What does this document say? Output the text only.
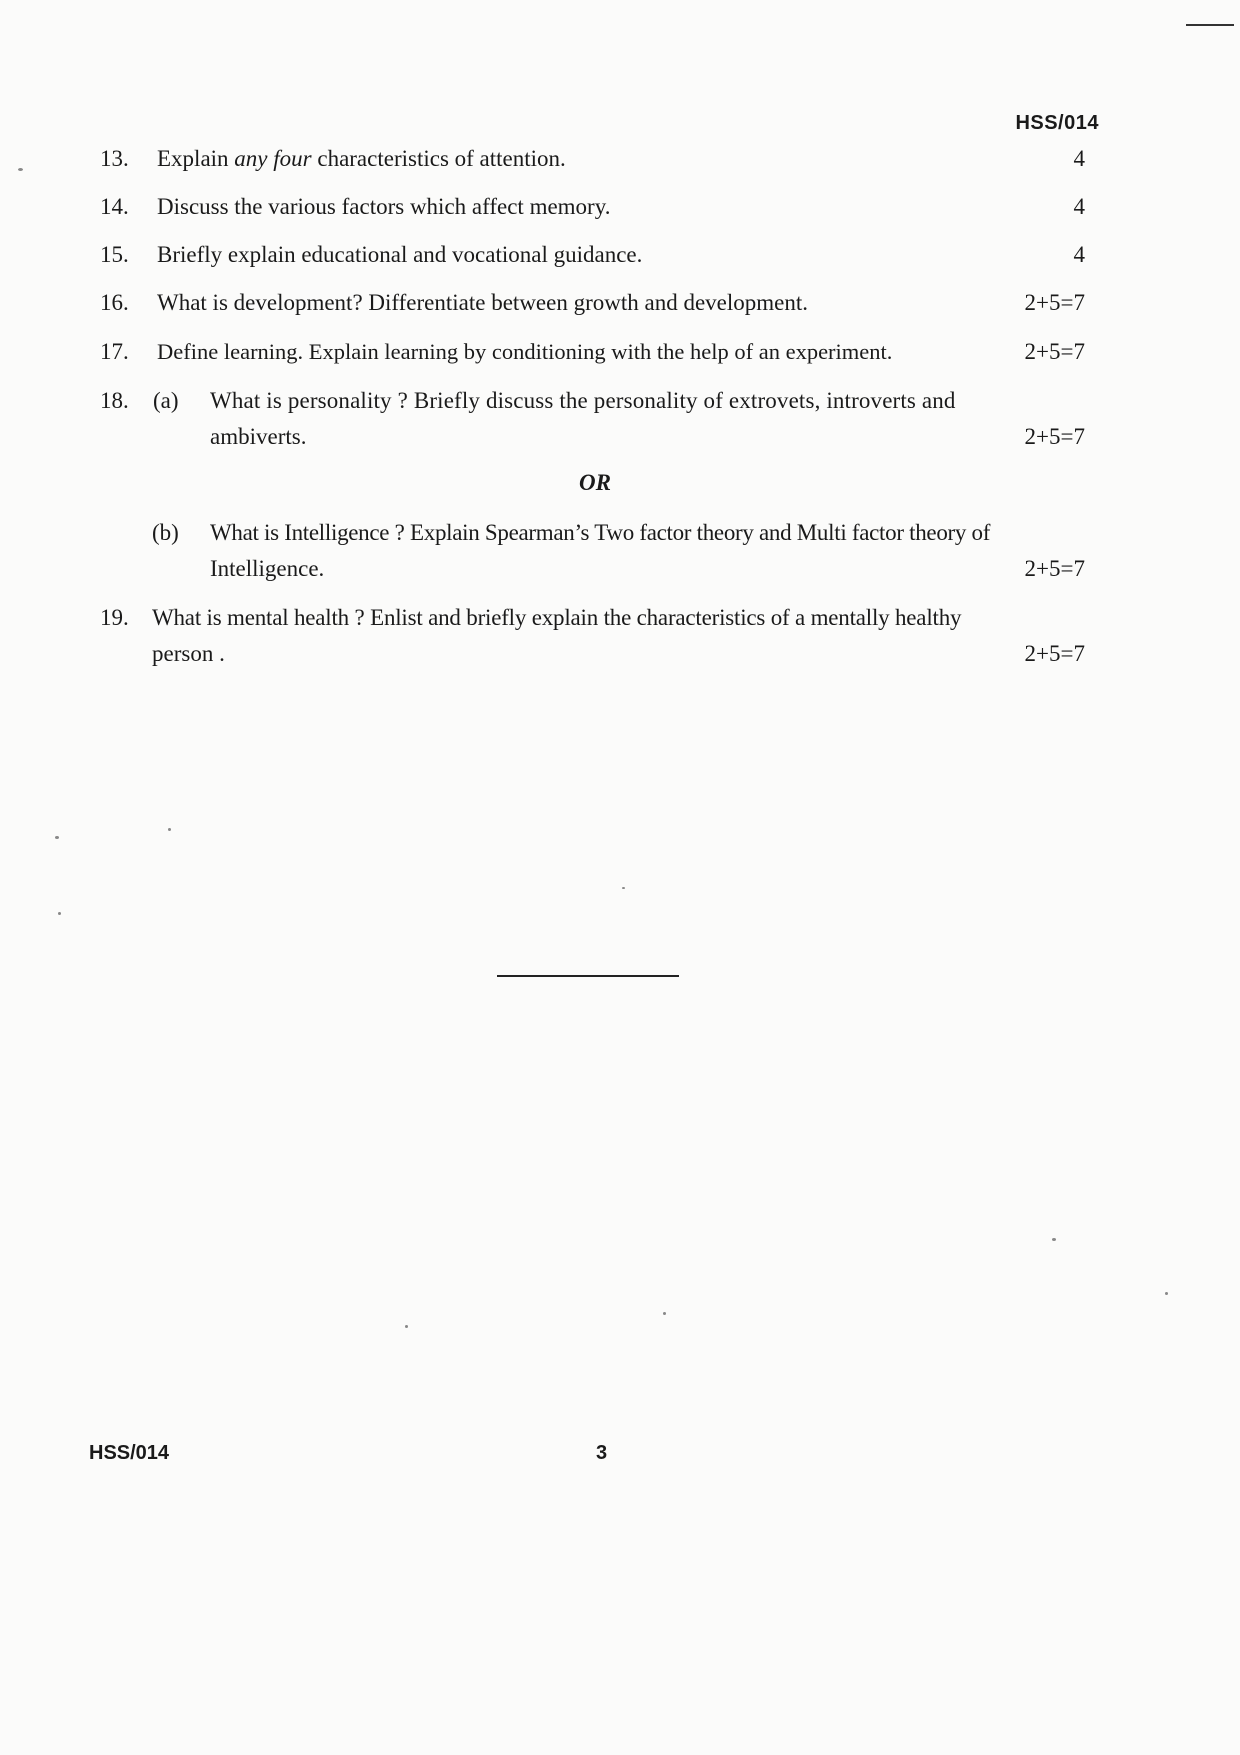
HSS/014
13.	Explain any four characteristics of attention.	4
14.	Discuss the various factors which affect memory.	4
15.	Briefly explain educational and vocational guidance.	4
16.	What is development? Differentiate between growth and development.	2+5=7
17.	Define learning. Explain learning by conditioning with the help of an experiment.	2+5=7
18.	(a) What is personality ? Briefly discuss the personality of extrovets, introverts and
ambiverts.	2+5=7
OR
(b) What is Intelligence ? Explain Spearman’s Two factor theory and Multi factor theory of
Intelligence.	2+5=7
19.	What is mental health ? Enlist and briefly explain the characteristics of a mentally healthy
person .	2+5=7
HSS/014	3
